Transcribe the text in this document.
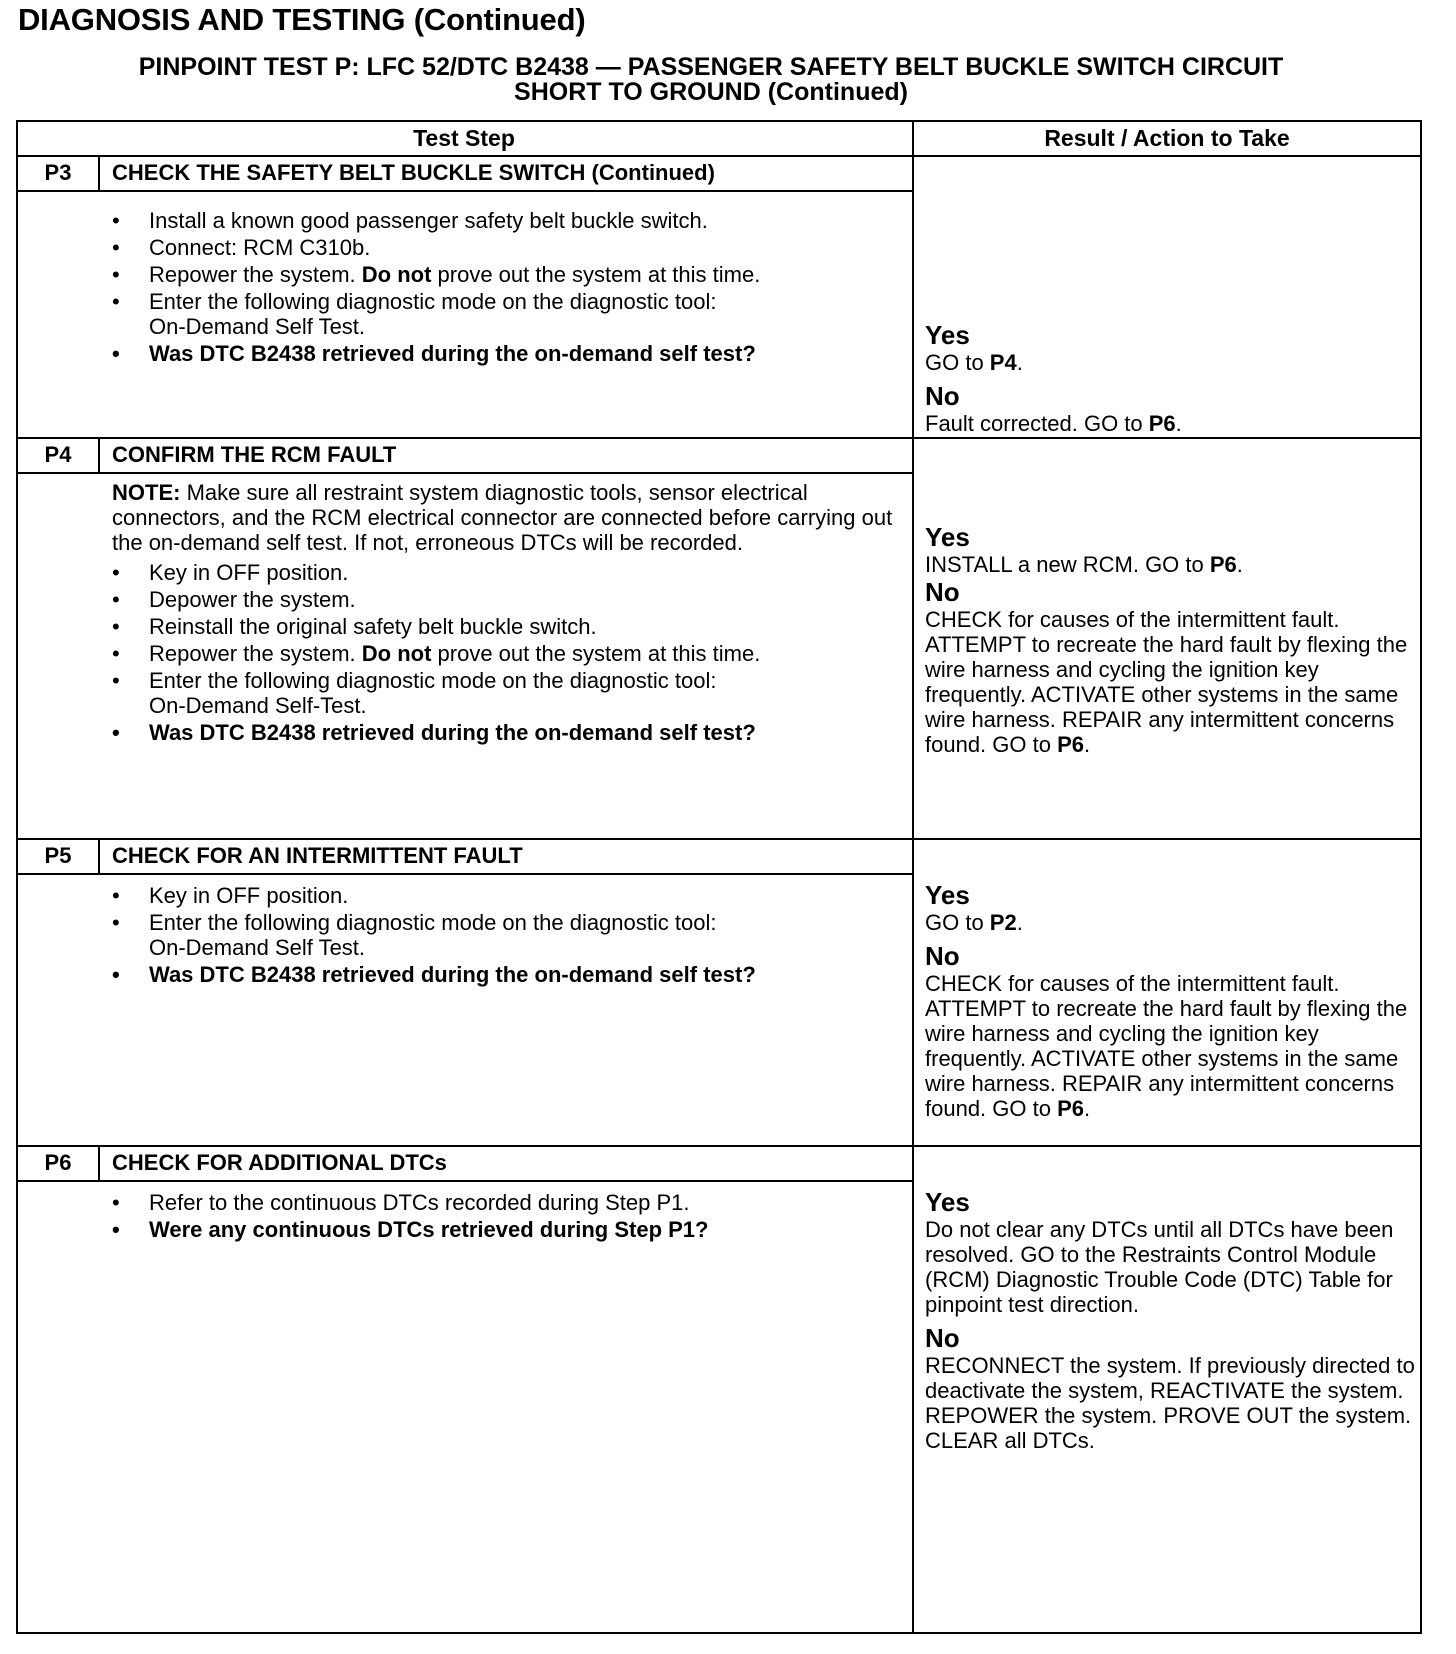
DIAGNOSIS AND TESTING (Continued)
PINPOINT TEST P: LFC 52/DTC B2438 — PASSENGER SAFETY BELT BUCKLE SWITCH CIRCUIT
SHORT TO GROUND (Continued)
Test Step	Result / Action to Take
P3	CHECK THE SAFETY BELT BUCKLE SWITCH (Continued)
• Install a known good passenger safety belt buckle switch.
• Connect: RCM C310b.
• Repower the system. Do not prove out the system at this time.
• Enter the following diagnostic mode on the diagnostic tool:
On-Demand Self Test.
• Was DTC B2438 retrieved during the on-demand self test?
Yes
GO to P4.
No
Fault corrected. GO to P6.
P4	CONFIRM THE RCM FAULT
NOTE: Make sure all restraint system diagnostic tools, sensor electrical connectors, and the RCM electrical connector are connected before carrying out the on-demand self test. If not, erroneous DTCs will be recorded.
• Key in OFF position.
• Depower the system.
• Reinstall the original safety belt buckle switch.
• Repower the system. Do not prove out the system at this time.
• Enter the following diagnostic mode on the diagnostic tool:
On-Demand Self-Test.
• Was DTC B2438 retrieved during the on-demand self test?
Yes
INSTALL a new RCM. GO to P6.
No
CHECK for causes of the intermittent fault. ATTEMPT to recreate the hard fault by flexing the wire harness and cycling the ignition key frequently. ACTIVATE other systems in the same wire harness. REPAIR any intermittent concerns found. GO to P6.
P5	CHECK FOR AN INTERMITTENT FAULT
• Key in OFF position.
• Enter the following diagnostic mode on the diagnostic tool:
On-Demand Self Test.
• Was DTC B2438 retrieved during the on-demand self test?
Yes
GO to P2.
No
CHECK for causes of the intermittent fault. ATTEMPT to recreate the hard fault by flexing the wire harness and cycling the ignition key frequently. ACTIVATE other systems in the same wire harness. REPAIR any intermittent concerns found. GO to P6.
P6	CHECK FOR ADDITIONAL DTCs
• Refer to the continuous DTCs recorded during Step P1.
• Were any continuous DTCs retrieved during Step P1?
Yes
Do not clear any DTCs until all DTCs have been resolved. GO to the Restraints Control Module (RCM) Diagnostic Trouble Code (DTC) Table for pinpoint test direction.
No
RECONNECT the system. If previously directed to deactivate the system, REACTIVATE the system. REPOWER the system. PROVE OUT the system. CLEAR all DTCs.
